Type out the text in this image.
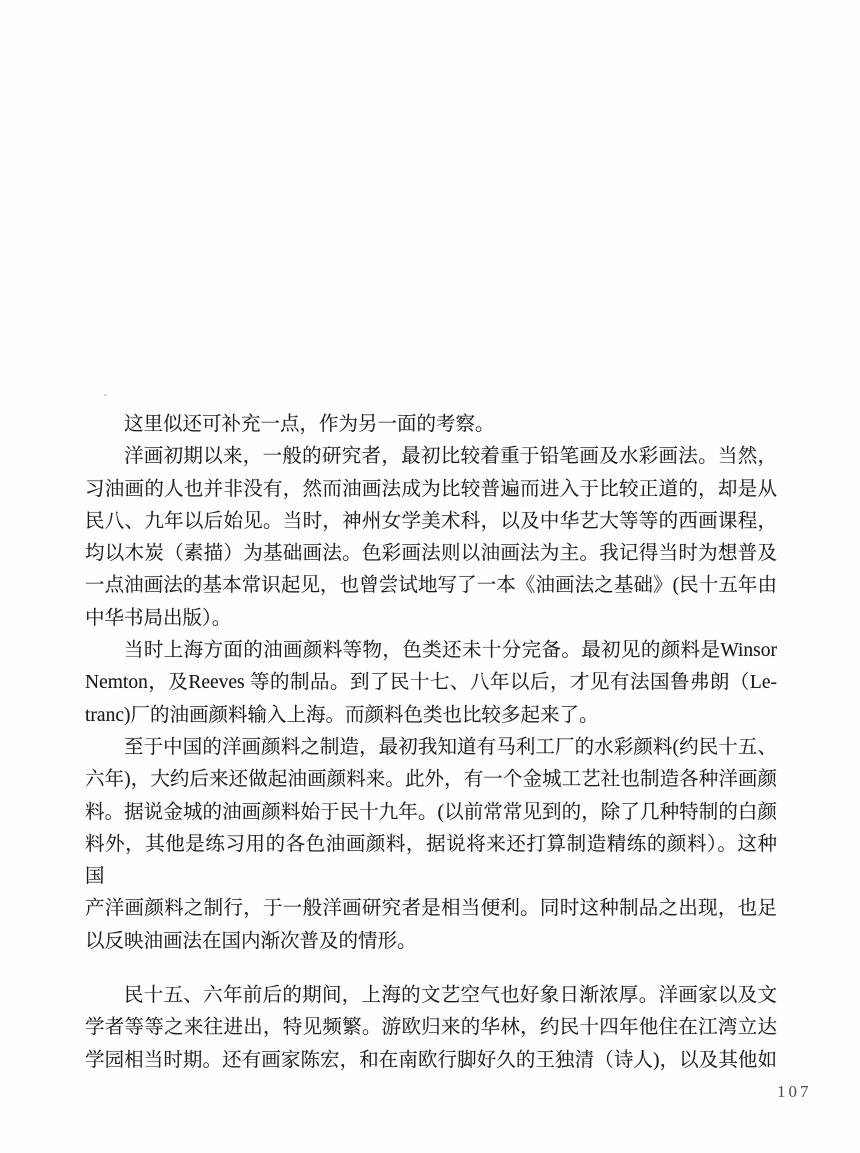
这里似还可补充一点，作为另一面的考察。
洋画初期以来，一般的研究者，最初比较着重于铅笔画及水彩画法。当然，
习油画的人也并非没有，然而油画法成为比较普遍而进入于比较正道的，却是从
民八、九年以后始见。当时，神州女学美术科，以及中华艺大等等的西画课程，
均以木炭（素描）为基础画法。色彩画法则以油画法为主。我记得当时为想普及
一点油画法的基本常识起见，也曾尝试地写了一本《油画法之基础》(民十五年由
中华书局出版）。
当时上海方面的油画颜料等物，色类还未十分完备。最初见的颜料是Winsor
Nemton，及Reeves 等的制品。到了民十七、八年以后，才见有法国鲁弗朗（Le-
tranc)厂的油画颜料输入上海。而颜料色类也比较多起来了。
至于中国的洋画颜料之制造，最初我知道有马利工厂的水彩颜料(约民十五、
六年)，大约后来还做起油画颜料来。此外，有一个金城工艺社也制造各种洋画颜
料。据说金城的油画颜料始于民十九年。(以前常常见到的，除了几种特制的白颜
料外，其他是练习用的各色油画颜料，据说将来还打算制造精练的颜料）。这种国
产洋画颜料之制行，于一般洋画研究者是相当便利。同时这种制品之出现，也足
以反映油画法在国内渐次普及的情形。
民十五、六年前后的期间，上海的文艺空气也好象日渐浓厚。洋画家以及文
学者等等之来往进出，特见频繁。游欧归来的华林，约民十四年他住在江湾立达
学园相当时期。还有画家陈宏，和在南欧行脚好久的王独清（诗人)，以及其他如
107
